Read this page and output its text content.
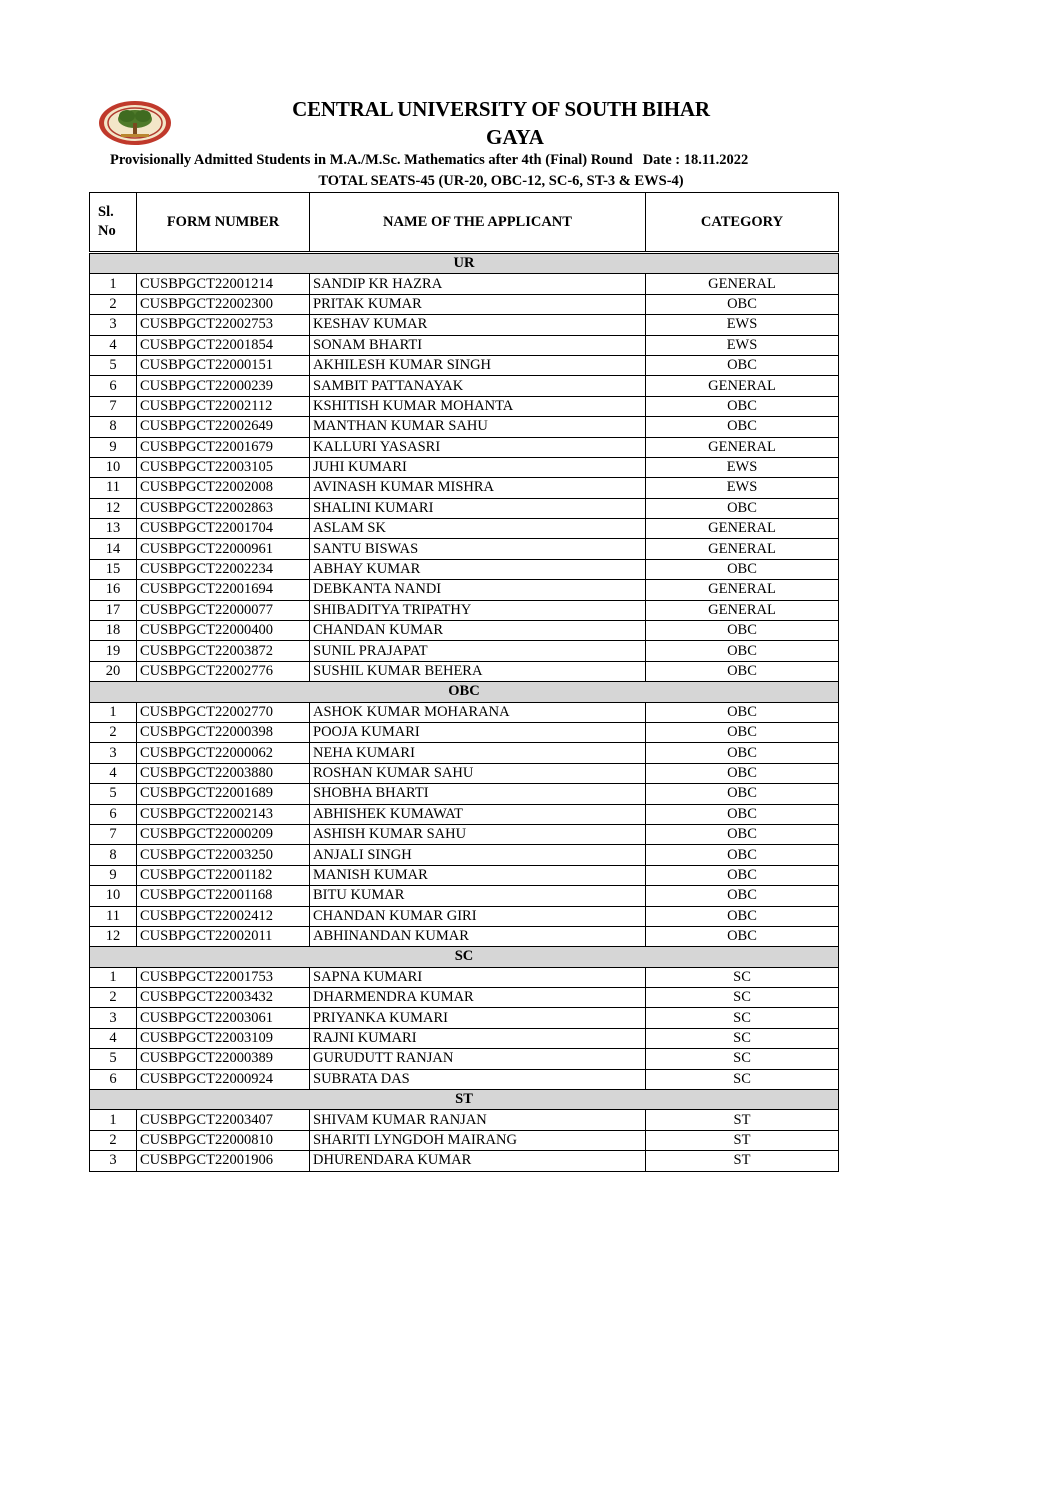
CENTRAL UNIVERSITY OF SOUTH BIHAR
GAYA
Provisionally Admitted Students in M.A./M.Sc. Mathematics after 4th (Final) Round Date : 18.11.2022
TOTAL SEATS-45 (UR-20, OBC-12, SC-6, ST-3 & EWS-4)
Sl.
No	FORM NUMBER	NAME OF THE APPLICANT	CATEGORY
UR			
1	CUSBPGCT22001214	SANDIP KR HAZRA	GENERAL
2	CUSBPGCT22002300	PRITAK KUMAR	OBC
3	CUSBPGCT22002753	KESHAV KUMAR	EWS
4	CUSBPGCT22001854	SONAM BHARTI	EWS
5	CUSBPGCT22000151	AKHILESH KUMAR SINGH	OBC
6	CUSBPGCT22000239	SAMBIT PATTANAYAK	GENERAL
7	CUSBPGCT22002112	KSHITISH KUMAR MOHANTA	OBC
8	CUSBPGCT22002649	MANTHAN KUMAR SAHU	OBC
9	CUSBPGCT22001679	KALLURI YASASRI	GENERAL
10	CUSBPGCT22003105	JUHI KUMARI	EWS
11	CUSBPGCT22002008	AVINASH KUMAR MISHRA	EWS
12	CUSBPGCT22002863	SHALINI KUMARI	OBC
13	CUSBPGCT22001704	ASLAM SK	GENERAL
14	CUSBPGCT22000961	SANTU BISWAS	GENERAL
15	CUSBPGCT22002234	ABHAY KUMAR	OBC
16	CUSBPGCT22001694	DEBKANTA NANDI	GENERAL
17	CUSBPGCT22000077	SHIBADITYA TRIPATHY	GENERAL
18	CUSBPGCT22000400	CHANDAN KUMAR	OBC
19	CUSBPGCT22003872	SUNIL PRAJAPAT	OBC
20	CUSBPGCT22002776	SUSHIL KUMAR BEHERA	OBC
OBC			
1	CUSBPGCT22002770	ASHOK KUMAR MOHARANA	OBC
2	CUSBPGCT22000398	POOJA KUMARI	OBC
3	CUSBPGCT22000062	NEHA KUMARI	OBC
4	CUSBPGCT22003880	ROSHAN KUMAR SAHU	OBC
5	CUSBPGCT22001689	SHOBHA BHARTI	OBC
6	CUSBPGCT22002143	ABHISHEK KUMAWAT	OBC
7	CUSBPGCT22000209	ASHISH KUMAR SAHU	OBC
8	CUSBPGCT22003250	ANJALI SINGH	OBC
9	CUSBPGCT22001182	MANISH KUMAR	OBC
10	CUSBPGCT22001168	BITU KUMAR	OBC
11	CUSBPGCT22002412	CHANDAN KUMAR GIRI	OBC
12	CUSBPGCT22002011	ABHINANDAN KUMAR	OBC
SC			
1	CUSBPGCT22001753	SAPNA KUMARI	SC
2	CUSBPGCT22003432	DHARMENDRA KUMAR	SC
3	CUSBPGCT22003061	PRIYANKA KUMARI	SC
4	CUSBPGCT22003109	RAJNI KUMARI	SC
5	CUSBPGCT22000389	GURUDUTT RANJAN	SC
6	CUSBPGCT22000924	SUBRATA DAS	SC
ST			
1	CUSBPGCT22003407	SHIVAM KUMAR RANJAN	ST
2	CUSBPGCT22000810	SHARITI LYNGDOH MAIRANG	ST
3	CUSBPGCT22001906	DHURENDARA KUMAR	ST
